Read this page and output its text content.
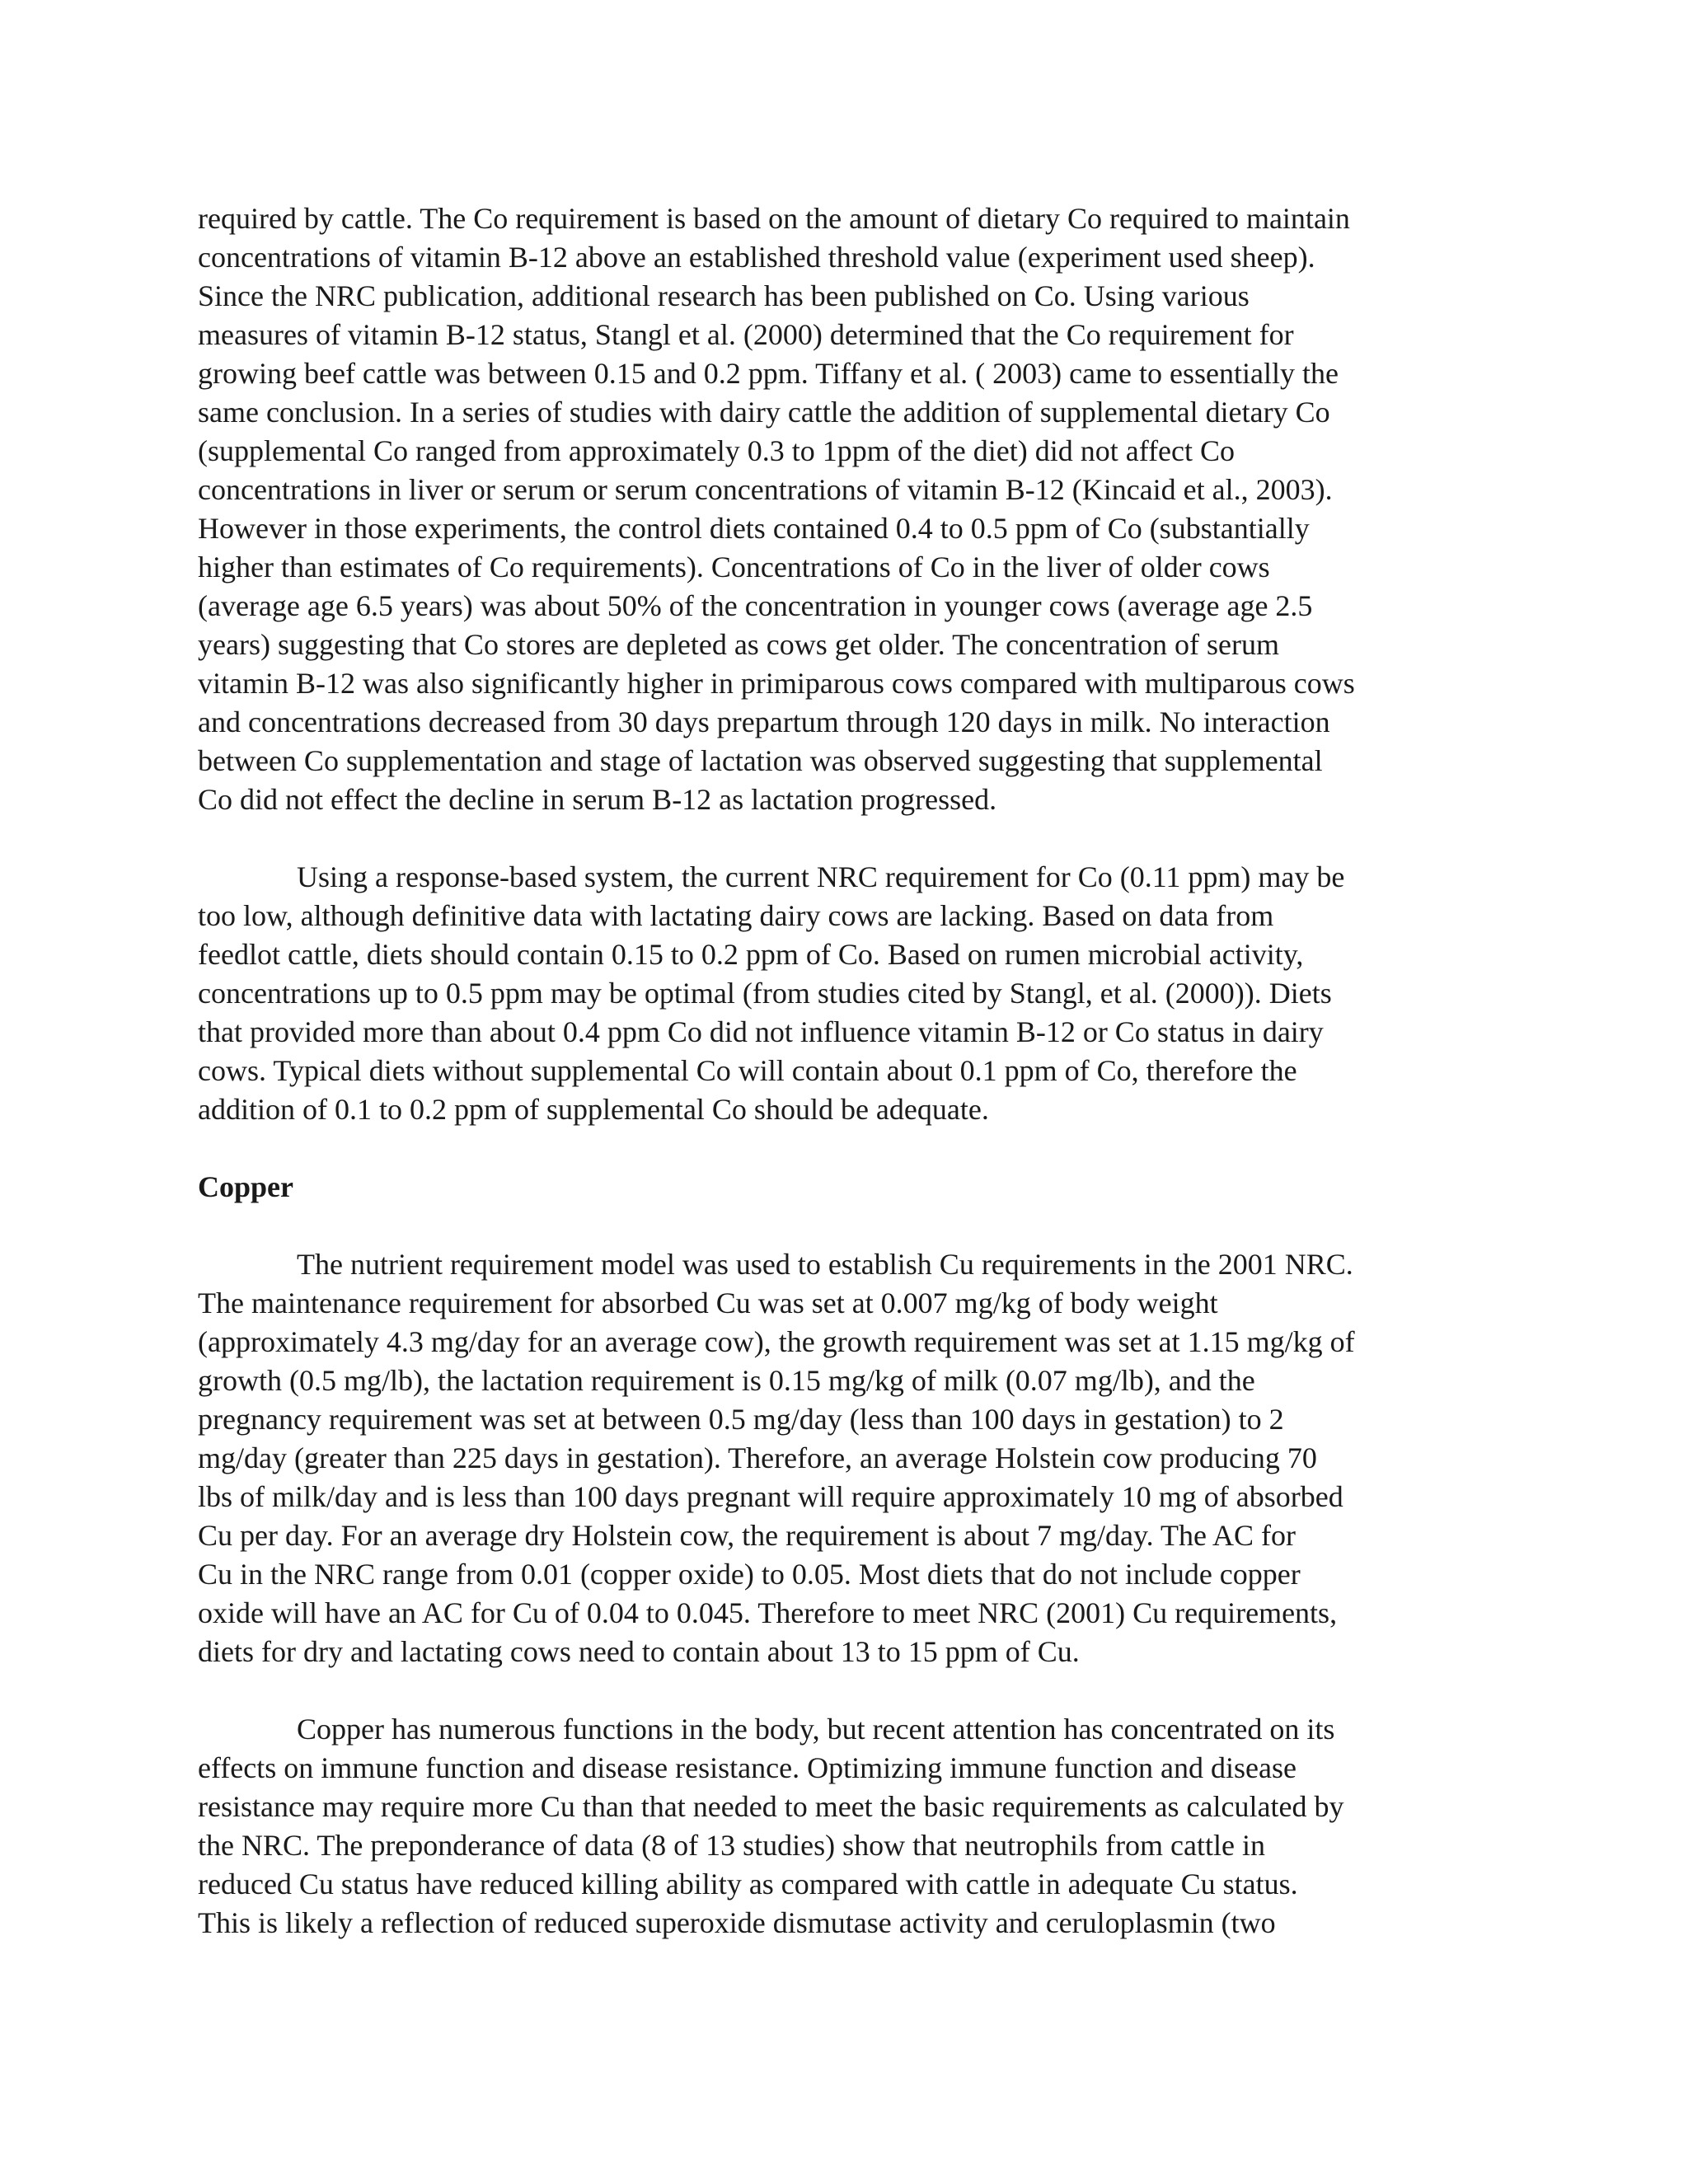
required by cattle. The Co requirement is based on the amount of dietary Co required to maintain
concentrations of vitamin B-12 above an established threshold value (experiment used sheep).
Since the NRC publication, additional research has been published on Co. Using various
measures of vitamin B-12 status, Stangl et al. (2000) determined that the Co requirement for
growing beef cattle was between 0.15 and 0.2 ppm. Tiffany et al. ( 2003) came to essentially the
same conclusion. In a series of studies with dairy cattle the addition of supplemental dietary Co
(supplemental Co ranged from approximately 0.3 to 1ppm of the diet) did not affect Co
concentrations in liver or serum or serum concentrations of vitamin B-12 (Kincaid et al., 2003).
However in those experiments, the control diets contained 0.4 to 0.5 ppm of Co (substantially
higher than estimates of Co requirements). Concentrations of Co in the liver of older cows
(average age 6.5 years) was about 50% of the concentration in younger cows (average age 2.5
years) suggesting that Co stores are depleted as cows get older. The concentration of serum
vitamin B-12 was also significantly higher in primiparous cows compared with multiparous cows
and concentrations decreased from 30 days prepartum through 120 days in milk. No interaction
between Co supplementation and stage of lactation was observed suggesting that supplemental
Co did not effect the decline in serum B-12 as lactation progressed.

Using a response-based system, the current NRC requirement for Co (0.11 ppm) may be
too low, although definitive data with lactating dairy cows are lacking. Based on data from
feedlot cattle, diets should contain 0.15 to 0.2 ppm of Co. Based on rumen microbial activity,
concentrations up to 0.5 ppm may be optimal (from studies cited by Stangl, et al. (2000)). Diets
that provided more than about 0.4 ppm Co did not influence vitamin B-12 or Co status in dairy
cows. Typical diets without supplemental Co will contain about 0.1 ppm of Co, therefore the
addition of 0.1 to 0.2 ppm of supplemental Co should be adequate.

Copper

The nutrient requirement model was used to establish Cu requirements in the 2001 NRC.
The maintenance requirement for absorbed Cu was set at 0.007 mg/kg of body weight
(approximately 4.3 mg/day for an average cow), the growth requirement was set at 1.15 mg/kg of
growth (0.5 mg/lb), the lactation requirement is 0.15 mg/kg of milk (0.07 mg/lb), and the
pregnancy requirement was set at between 0.5 mg/day (less than 100 days in gestation) to 2
mg/day (greater than 225 days in gestation). Therefore, an average Holstein cow producing 70
lbs of milk/day and is less than 100 days pregnant will require approximately 10 mg of absorbed
Cu per day. For an average dry Holstein cow, the requirement is about 7 mg/day. The AC for
Cu in the NRC range from 0.01 (copper oxide) to 0.05. Most diets that do not include copper
oxide will have an AC for Cu of 0.04 to 0.045. Therefore to meet NRC (2001) Cu requirements,
diets for dry and lactating cows need to contain about 13 to 15 ppm of Cu.

Copper has numerous functions in the body, but recent attention has concentrated on its
effects on immune function and disease resistance. Optimizing immune function and disease
resistance may require more Cu than that needed to meet the basic requirements as calculated by
the NRC. The preponderance of data (8 of 13 studies) show that neutrophils from cattle in
reduced Cu status have reduced killing ability as compared with cattle in adequate Cu status.
This is likely a reflection of reduced superoxide dismutase activity and ceruloplasmin (two
